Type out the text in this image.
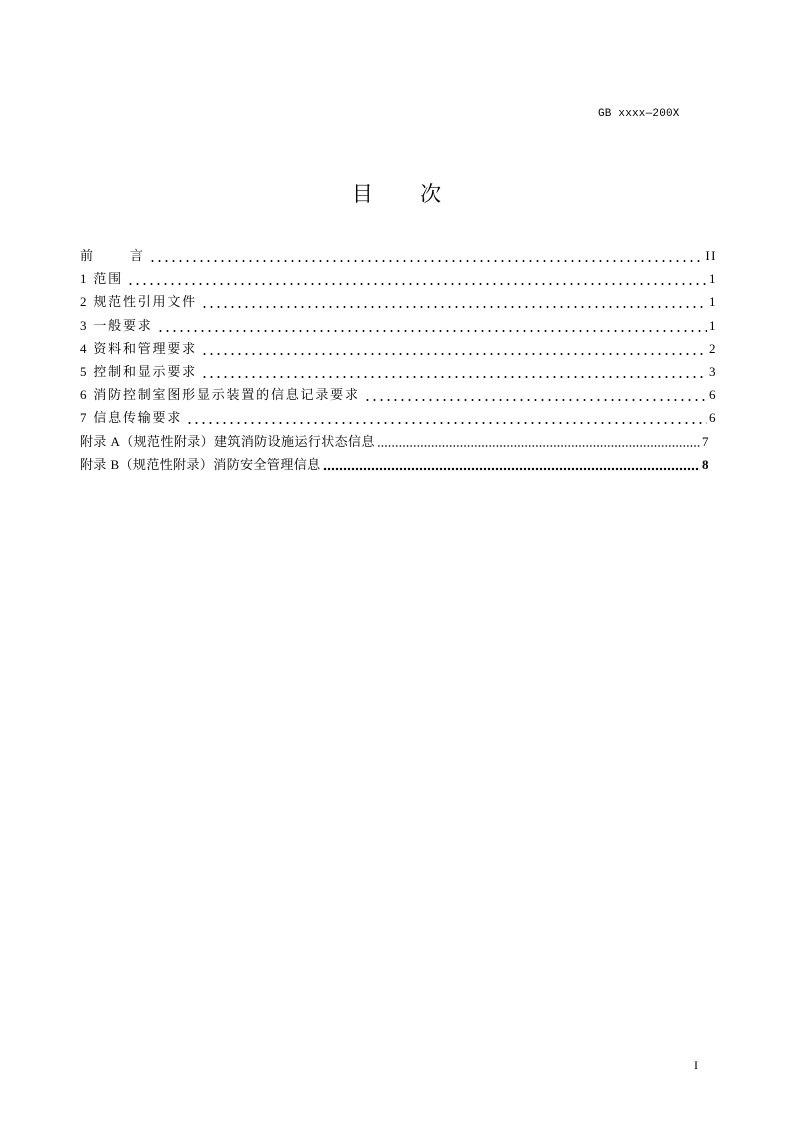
GB xxxx—200X
目 次
前 言	II
1 范围	1
2 规范性引用文件	1
3 一般要求	1
4 资料和管理要求	2
5 控制和显示要求	3
6 消防控制室图形显示装置的信息记录要求	6
7 信息传输要求	6
附录 A（规范性附录）建筑消防设施运行状态信息	7
附录 B（规范性附录）消防安全管理信息	8
I
